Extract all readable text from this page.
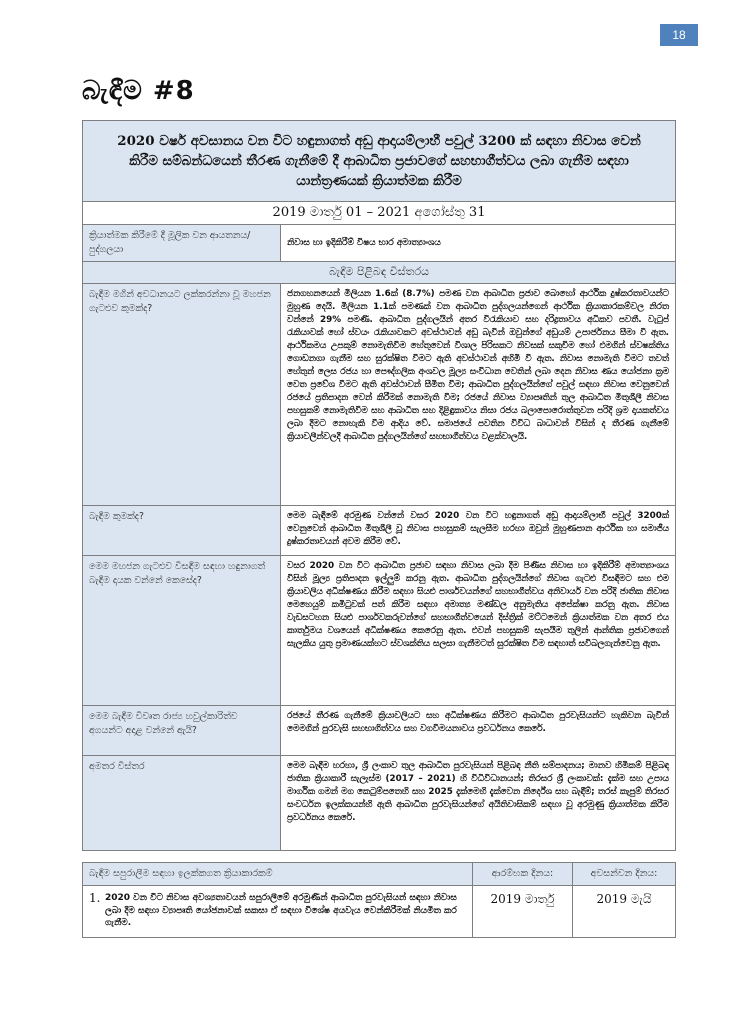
18
බැඳීම #8
2020 වර්ෂ අවසානය වන විට හඳුනාගත් අඩු ආදායම්ලාභී පවුල් 3200 ක් සඳහා නිවාස වෙන් කිරීම සම්බන්ධයෙන් තීරණ ගැනීමේ දී ආබාධිත ප්‍රජාවගේ සහභාගීත්වය ලබා ගැනීම සඳහා යාන්ත්‍රණයක් ක්‍රියාත්මක කිරීම	
2019 මාර්තු 01 – 2021 අගෝස්තු 31	
ක්‍රියාත්මක කිරීමේ දී මූලික වන ආයතනය/ පුද්ගලයා	නිවාස හා ඉදිකිරීම් විෂය භාර අමාත්‍යාංශය
බැඳීම පිළිබඳ විස්තරය	
බැඳීම මගින් අවධානයට ලක්කරන්නා වූ මහජන ගැටළුව කුමක්ද?	ජනගහනයෙන් මිලියන 1.6ක් (8.7%) පමණ වන ආබාධිත ප්‍රජාව බොහෝ ආර්ථික දුෂ්කරතාවයන්ට මුහුණ දෙයි. මිලියන 1.1ක් පමණක් වන ආබාධිත පුද්ගලයන්ගෙන් ආර්ථික ක්‍රියාකාරකම්වල නිරත වන්නේ 29% පමණි. ආබාධිත පුද්ගලයින් අතර විරැකියාව සහ දරිද්‍රතාවය අධිකව පවතී. වැටුප් රැකියාවක් හෝ ස්වයං රැකියාවකට අවස්ථාවන් අඩු බැවින් ඔවුන්ගේ අඩුයම් උපාර්ජනය සීමා වී ඇත. ආර්ථිකමය උපකුම් නොමැතිවීම හේතුවෙන් විශාල පිරිසකට නිවසක් සකුචිම හෝ එමගින් ස්වෂක්තිය ගොඩනගා ගැනීම සහ සුරක්ෂිත වීමට ඇති අවස්ථාවන් අහිමි වී ඇත. නිවාස නොමැති වීමට තවත් හේතුන් ලෙස රජය හා පෞද්ගලික අංශවල මූල්‍ය සංවිධාන වෙතින් ලබා දෙන නිවාස ණය යෝජනා ක්‍රම වෙත ප්‍රවේශ වීමට ඇති අවස්ථාවන් සීමිත වීම; ආබාධිත පුද්ගලයින්ගේ පවුල් සඳහා නිවාස වෙනුවෙන් රජයේ ප්‍රතිපාදන වෙන් කිරීමක් නොමැති වීම; රජයේ නිවාස ව්‍යාපෘතින් තුල ආබාධිත මිතුශීලී නිවාස පහසුකම් නොමැතිවීම සහ ආබාධිත සහ දිළිඳුකාවය නිසා රජය බලාපොරොත්තුවන පරිදි ශ්‍රම දායකත්වය ලබා දීමට නොහැකි වීම ආදිය වේ. සමාජයේ පවතින විවිධ බාධාවන් විසින් ද තීරණ ගැනීමේ ක්‍රියාවලීන්වලදී ආබාධිත පුද්ගලයින්ගේ සහභාගීත්වය වළක්වාලයි.
බැඳීම කුමක්ද?	මෙම බැඳීමේ අරමුණ වන්නේ වසර 2020 වන විට හඳුනාගත් අඩු ආදායම්ලාභී පවුල් 3200ක් වෙනුවෙන් ආබාධිත මිතුශීලී වූ නිවාස පහසුකම් සැලසීම හරහා ඔවුන් මුහුණපාන ආර්ථික හා සමාජීය දුෂ්කරතාවයන් අවම කිරීම වේ.
මෙම මහජන ගැටළුව විසඳීම සඳහා හඳුනාගත් බැඳීම දායක වන්නේ කෙසේද?	වසර 2020 වන විට ආබාධිත ප්‍රජාව සඳහා නිවාස ලබා දීම පිණිස නිවාස හා ඉදිකිරීම් අමාත්‍යාංශය විසින් මූල්‍ය ප්‍රතිපාදන ඉල්ලුම් කරනු ඇත. ආබාධිත පුද්ගලයින්ගේ නිවාස ගැටළු විසඳීමට සහ එම ක්‍රියාවලිය අධීක්ෂණය කිරීම සඳහා සියළු පාර්ශවයන්ගේ සහභාගීත්වය අනිවාර්ය වන පරිදි ජාතික නිවාස මෙහෙයුම් කමිටුවක් පත් කිරීම සඳහා අමාත්‍ය මණ්ඩල අනුමැතිය අපේක්ෂා කරනු ඇත. නිවාස වැඩසටහන සියළු පාර්ශවකරුවන්ගේ සහභාගීත්වයෙන් දිස්ත්‍රික් මට්ටමෙන් ක්‍රියාත්මක වන අතර එය කාර්තුමය වශයෙන් අධීක්ෂණය කෙරෙනු ඇත. එවන් පහසුකම් සැපයීම තුලින් ආන්තික ප්‍රජාවගෙන් සැලකිය යුතු ප්‍රමාණයක්හට ස්වශක්තිය සලසා ගැනීමටත් සුරක්ෂිත වීම සඳහාත් සවිබලගැන්වෙනු ඇත.
මෙම බැඳීම විවෘත රාජ්‍ය හවුල්කාරිත්ව අගයන්ට අදාළ වන්නේ ඇයි?	රජයේ තීරණ ගැනීමේ ක්‍රියාවලියට සහ අධීක්ෂණය කිරීමට ආබාධිත පුරවැසියන්ට හැකිවන බැවින් මෙමගින් පුරවැසි සහභාගිත්වය සහ වගවීමයනාවය ප්‍රවර්ධනය කෙරේ.
අමතර විස්තර	මෙම බැඳීම හරහා, ශ්‍රී ලංකාව තුල ආබාධිත පුරවැසියන් පිළිබඳ නීති සම්පාදනය; මානව හිමිකම් පිළිබඳ ජාතික ක්‍රියාකාරී සැලැස්ම (2017 – 2021) හි විධිවිධානයන්; තිරසර ශ්‍රී ලංකාවක්: දැක්ම සහ උපාය මාර්ගික ගමන් මග කෙටුම්පතෙහි සහ 2025 දැක්මෙහි දැක්වෙන නිර්දේශ සහ බැඳීම්; තරස් කැපුම් තිරසර සංවර්ධන ඉලක්කයන්හි ඇති ආබාධිත පුරවැසියන්ගේ අයිතිවාසිකම් සඳහා වූ අරමුණු ක්‍රියාත්මක කිරීම ප්‍රවර්ධනය කෙරේ.
බැඳීම සපුරාලීම සඳහා ඉලක්කගත ක්‍රියාකාරකම්	ආරම්භක දිනය:	අවසන්වන දිනය:

1. 2020 වන විට නිවාස අවශ්‍යතාවයන් සපුරාලීමේ අරමුණින් ආබාධිත පුරවැසියන් සඳහා නිවාස ලබා දීම සඳහා ව්‍යාපෘති යෝජනාවක් සකසා ඒ සඳහා විශේෂ අයවැය වෙන්කිරීමක් නියමිත කර ගැනීම.	2019 මාර්තු	2019 මැයි
